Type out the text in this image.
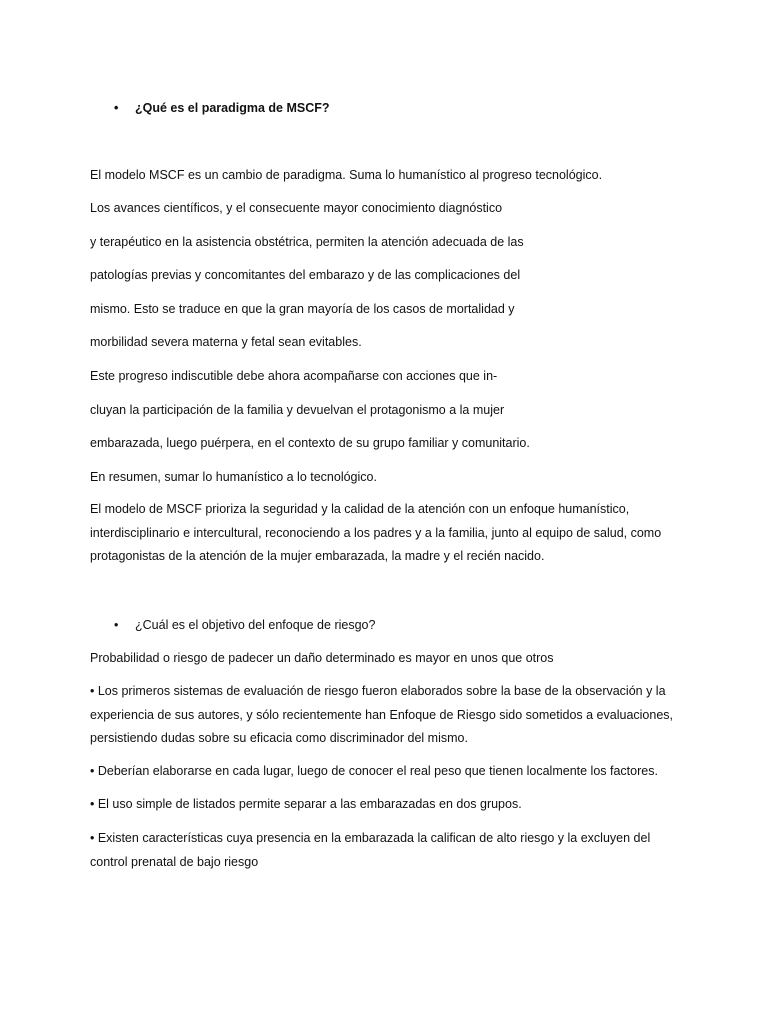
•	¿Qué es el paradigma de MSCF?
El modelo MSCF es un cambio de paradigma. Suma lo humanístico al progreso tecnológico.
Los avances científicos, y el consecuente mayor conocimiento diagnóstico
y terapéutico en la asistencia obstétrica, permiten la atención adecuada de las
patologías previas y concomitantes del embarazo y de las complicaciones del
mismo. Esto se traduce en que la gran mayoría de los casos de mortalidad y
morbilidad severa materna y fetal sean evitables.
Este progreso indiscutible debe ahora acompañarse con acciones que in-
cluyan la participación de la familia y devuelvan el protagonismo a la mujer
embarazada, luego puérpera, en el contexto de su grupo familiar y comunitario.
En resumen, sumar lo humanístico a lo tecnológico.
El modelo de MSCF prioriza la seguridad y la calidad de la atención con un enfoque humanístico, interdisciplinario e intercultural, reconociendo a los padres y a la familia, junto al equipo de salud, como protagonistas de la atención de la mujer embarazada, la madre y el recién nacido.
•	¿Cuál es el objetivo del enfoque de riesgo?
Probabilidad o riesgo de padecer un daño determinado es mayor en unos que otros
• Los primeros sistemas de evaluación de riesgo fueron elaborados sobre la base de la observación y la experiencia de sus autores, y sólo recientemente han Enfoque de Riesgo sido sometidos a evaluaciones, persistiendo dudas sobre su eficacia como discriminador del mismo.
• Deberían elaborarse en cada lugar, luego de conocer el real peso que tienen localmente los factores.
• El uso simple de listados permite separar a las embarazadas en dos grupos.
• Existen características cuya presencia en la embarazada la califican de alto riesgo y la excluyen del control prenatal de bajo riesgo
